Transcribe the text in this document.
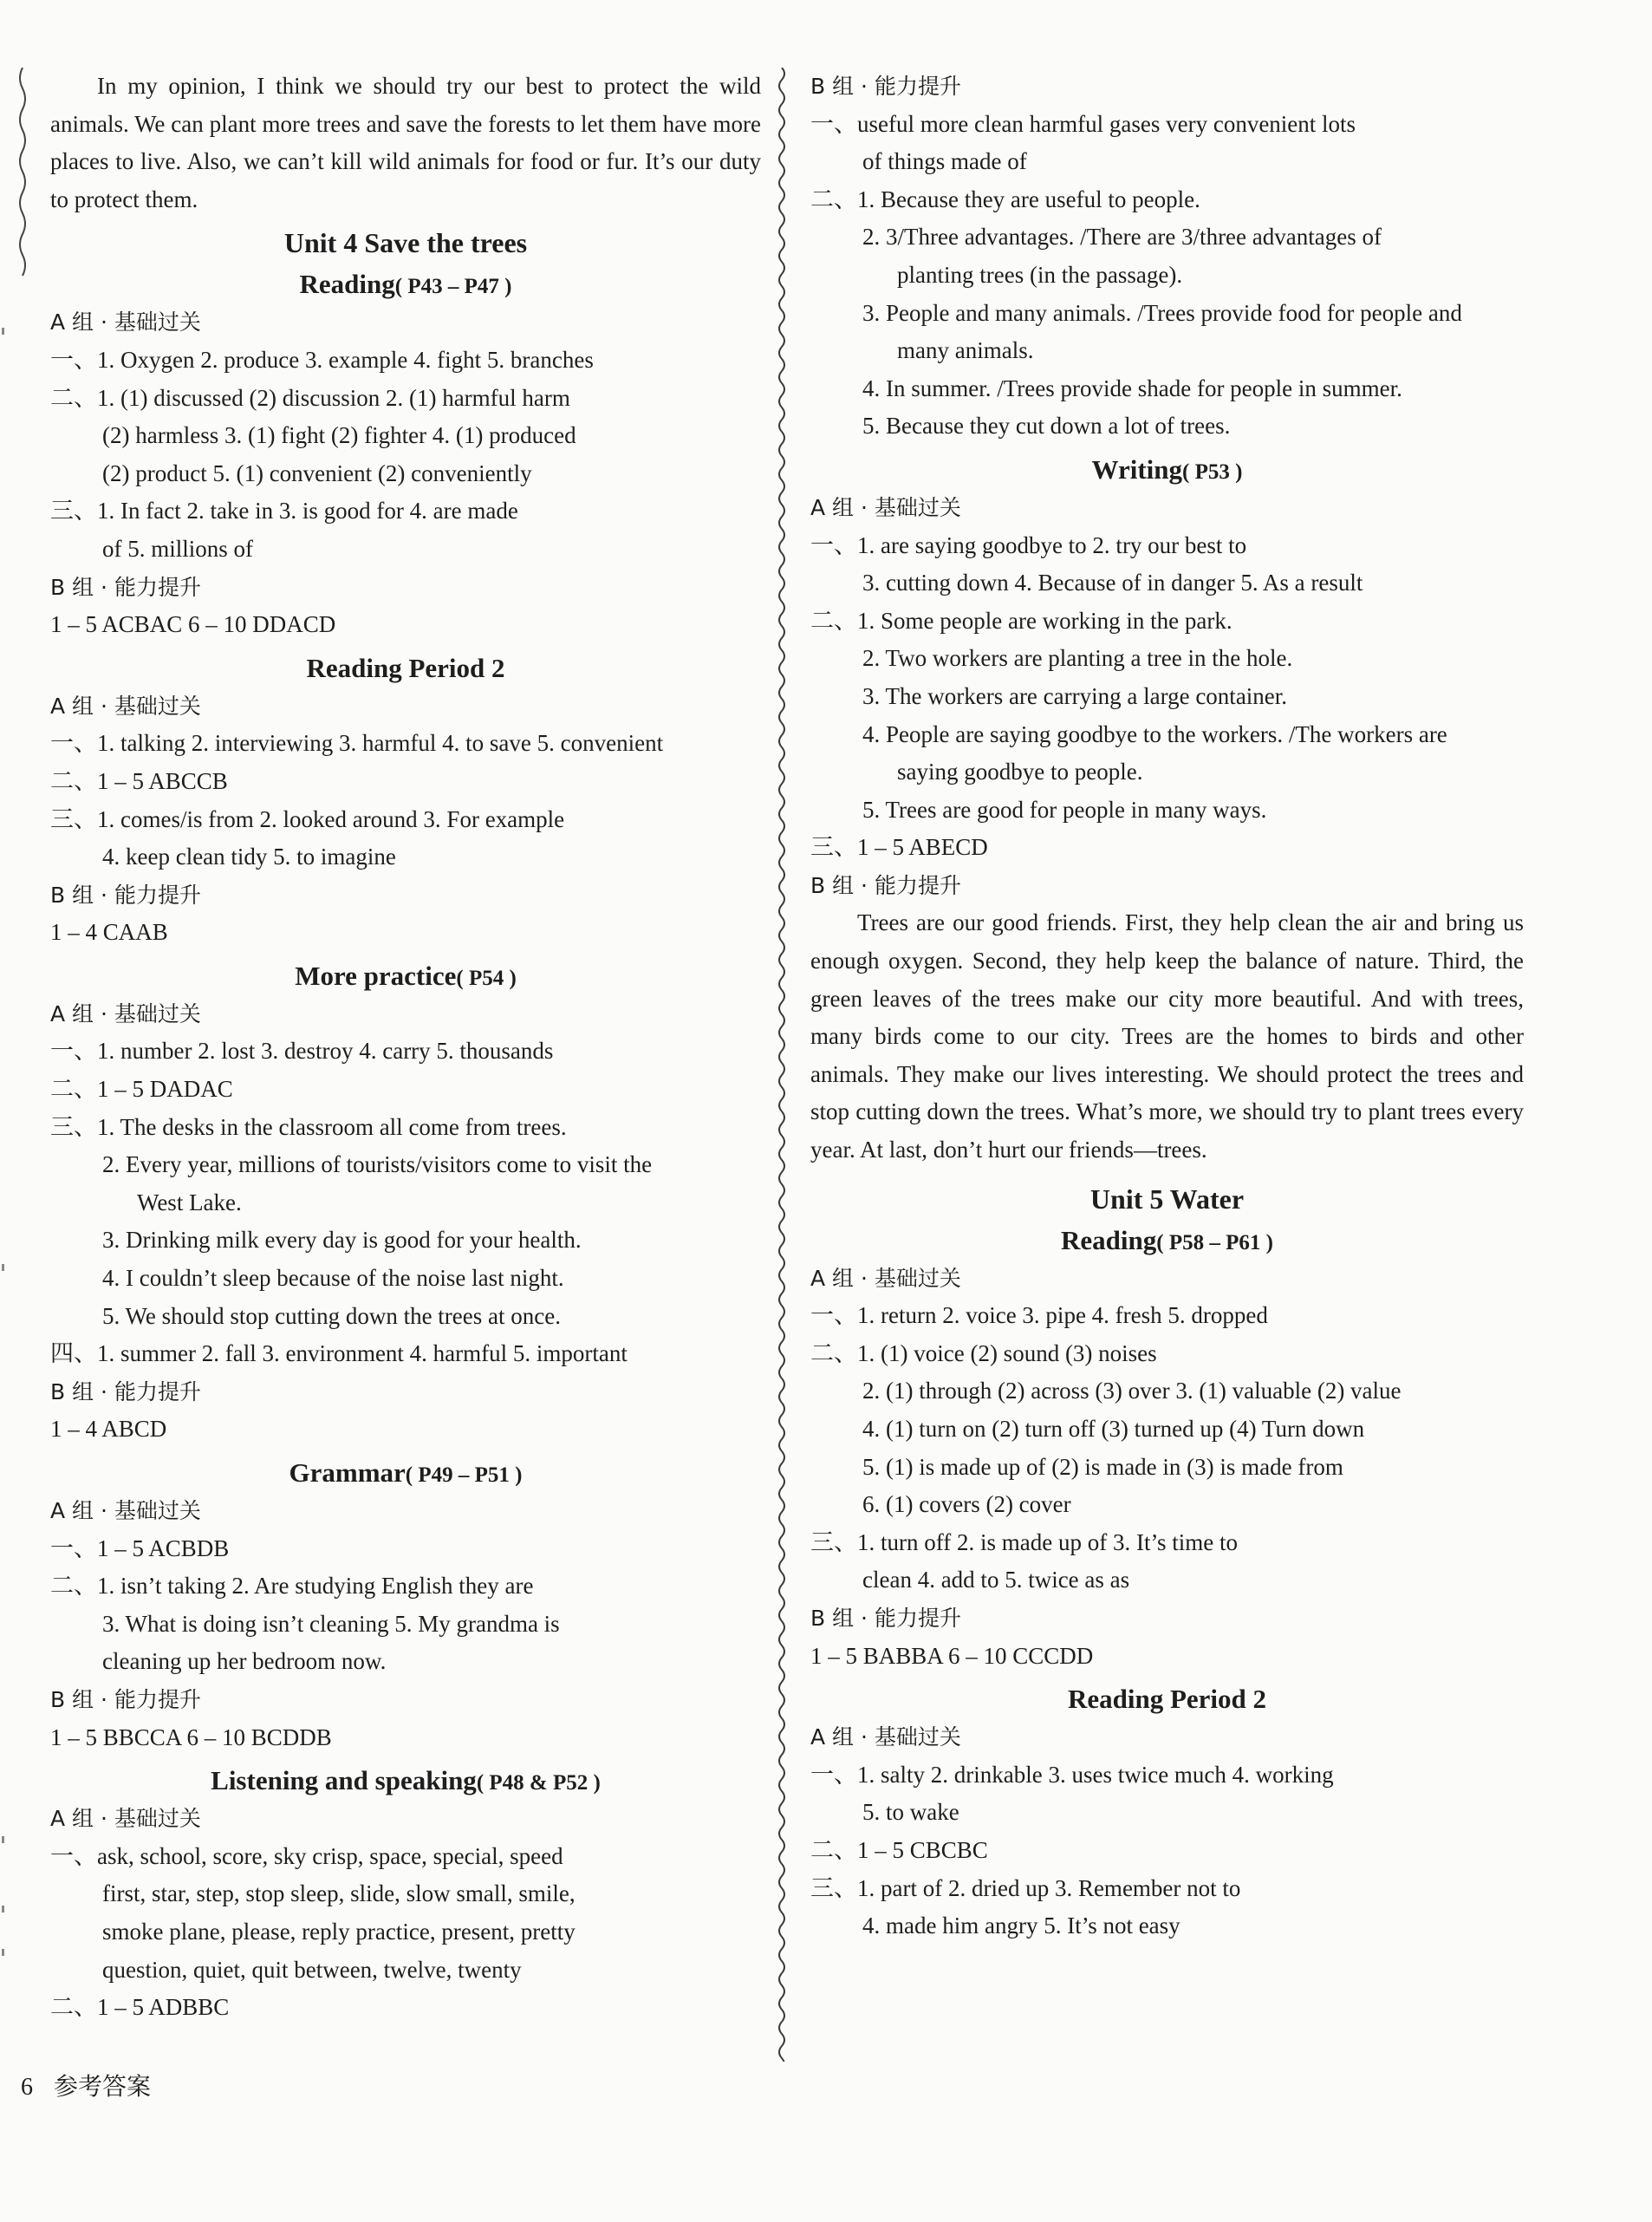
In my opinion, I think we should try our best to protect the wild animals. We can plant more trees and save the forests to let them have more places to live. Also, we can’t kill wild animals for food or fur. It’s our duty to protect them.

Unit 4 Save the trees
Reading( P43 – P47 )
A 组 · 基础过关
一、 1. Oxygen 2. produce 3. example 4. fight 5. branches
二、 1. (1) discussed (2) discussion 2. (1) harmful harm
(2) harmless 3. (1) fight (2) fighter 4. (1) produced
(2) product 5. (1) convenient (2) conveniently
三、 1. In fact 2. take in 3. is good for 4. are made
of 5. millions of
B 组 · 能力提升
1 – 5 ACBAC 6 – 10 DDACD
Reading Period 2
A 组 · 基础过关
一、 1. talking 2. interviewing 3. harmful 4. to save 5. convenient
二、 1 – 5 ABCCB
三、 1. comes/is from 2. looked around 3. For example
4. keep clean tidy 5. to imagine
B 组 · 能力提升
1 – 4 CAAB
More practice( P54 )
A 组 · 基础过关
一、 1. number 2. lost 3. destroy 4. carry 5. thousands
二、 1 – 5 DADAC
三、 1. The desks in the classroom all come from trees.
2. Every year, millions of tourists/visitors come to visit the
West Lake.
3. Drinking milk every day is good for your health.
4. I couldn’t sleep because of the noise last night.
5. We should stop cutting down the trees at once.
四、 1. summer 2. fall 3. environment 4. harmful 5. important
B 组 · 能力提升
1 – 4 ABCD
Grammar( P49 – P51 )
A 组 · 基础过关
一、 1 – 5 ACBDB
二、 1. isn’t taking 2. Are studying English they are
3. What is doing isn’t cleaning 5. My grandma is
cleaning up her bedroom now.
B 组 · 能力提升
1 – 5 BBCCA 6 – 10 BCDDB
Listening and speaking( P48 & P52 )
A 组 · 基础过关
一、 ask, school, score, sky crisp, space, special, speed
first, star, step, stop sleep, slide, slow small, smile,
smoke plane, please, reply practice, present, pretty
question, quiet, quit between, twelve, twenty
二、 1 – 5 ADBBC
B 组 · 能力提升
一、 useful more clean harmful gases very convenient lots
of things made of
二、 1. Because they are useful to people.
2. 3/Three advantages. /There are 3/three advantages of
planting trees (in the passage).
3. People and many animals. /Trees provide food for people and
many animals.
4. In summer. /Trees provide shade for people in summer.
5. Because they cut down a lot of trees.
Writing( P53 )
A 组 · 基础过关
一、 1. are saying goodbye to 2. try our best to
3. cutting down 4. Because of in danger 5. As a result
二、 1. Some people are working in the park.
2. Two workers are planting a tree in the hole.
3. The workers are carrying a large container.
4. People are saying goodbye to the workers. /The workers are
saying goodbye to people.
5. Trees are good for people in many ways.
三、 1 – 5 ABECD
B 组 · 能力提升

Trees are our good friends. First, they help clean the air and bring us enough oxygen. Second, they help keep the balance of nature. Third, the green leaves of the trees make our city more beautiful. And with trees, many birds come to our city. Trees are the homes to birds and other animals. They make our lives interesting. We should protect the trees and stop cutting down the trees. What’s more, we should try to plant trees every year. At last, don’t hurt our friends—trees.

Unit 5 Water
Reading( P58 – P61 )
A 组 · 基础过关
一、 1. return 2. voice 3. pipe 4. fresh 5. dropped
二、 1. (1) voice (2) sound (3) noises
2. (1) through (2) across (3) over 3. (1) valuable (2) value
4. (1) turn on (2) turn off (3) turned up (4) Turn down
5. (1) is made up of (2) is made in (3) is made from
6. (1) covers (2) cover
三、 1. turn off 2. is made up of 3. It’s time to
clean 4. add to 5. twice as as
B 组 · 能力提升
1 – 5 BABBA 6 – 10 CCCDD
Reading Period 2
A 组 · 基础过关
一、 1. salty 2. drinkable 3. uses twice much 4. working
5. to wake
二、 1 – 5 CBCBC
三、 1. part of 2. dried up 3. Remember not to
4. made him angry 5. It’s not easy
6 参考答案
